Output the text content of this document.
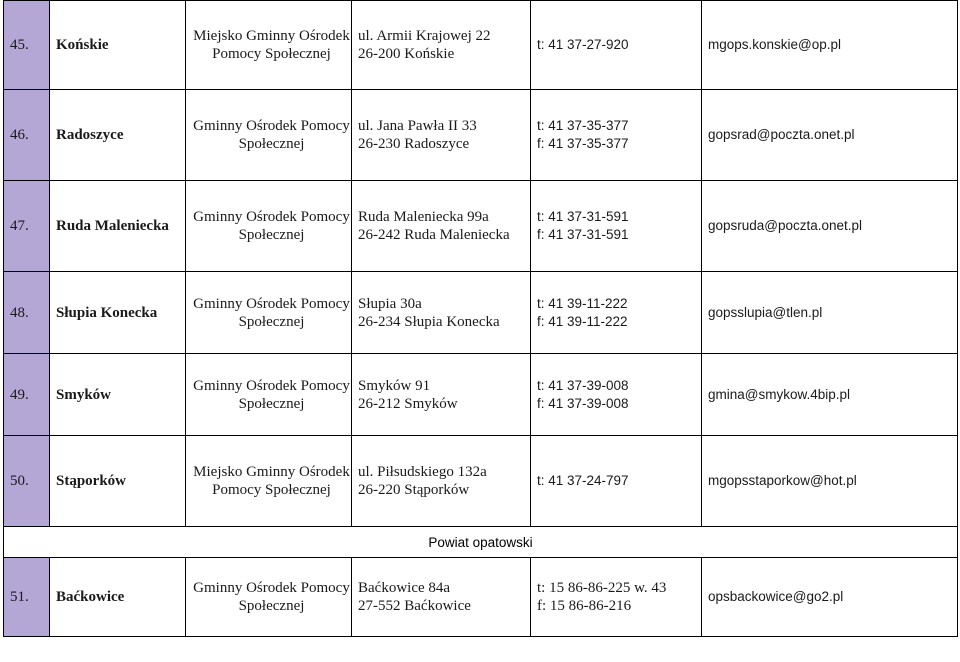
45.	Końskie	Miejsko Gminny Ośrodek
Pomocy Społecznej	ul. Armii Krajowej 22
26-200 Końskie	t: 41 37-27-920	mgops.konskie@op.pl
46.	Radoszyce	Gminny Ośrodek Pomocy
Społecznej	ul. Jana Pawła II 33
26-230 Radoszyce	t: 41 37-35-377
f: 41 37-35-377	gopsrad@poczta.onet.pl
47.	Ruda Maleniecka	Gminny Ośrodek Pomocy
Społecznej	Ruda Maleniecka 99a
26-242 Ruda Maleniecka	t: 41 37-31-591
f: 41 37-31-591	gopsruda@poczta.onet.pl
48.	Słupia Konecka	Gminny Ośrodek Pomocy
Społecznej	Słupia 30a
26-234 Słupia Konecka	t: 41 39-11-222
f: 41 39-11-222	gopsslupia@tlen.pl
49.	Smyków	Gminny Ośrodek Pomocy
Społecznej	Smyków 91
26-212 Smyków	t: 41 37-39-008
f: 41 37-39-008	gmina@smykow.4bip.pl
50.	Stąporków	Miejsko Gminny Ośrodek
Pomocy Społecznej	ul. Piłsudskiego 132a
26-220 Stąporków	t: 41 37-24-797	mgopsstaporkow@hot.pl
Powiat opatowski					
51.	Baćkowice	Gminny Ośrodek Pomocy
Społecznej	Baćkowice 84a
27-552 Baćkowice	t: 15 86-86-225 w. 43
f: 15 86-86-216	opsbackowice@go2.pl
